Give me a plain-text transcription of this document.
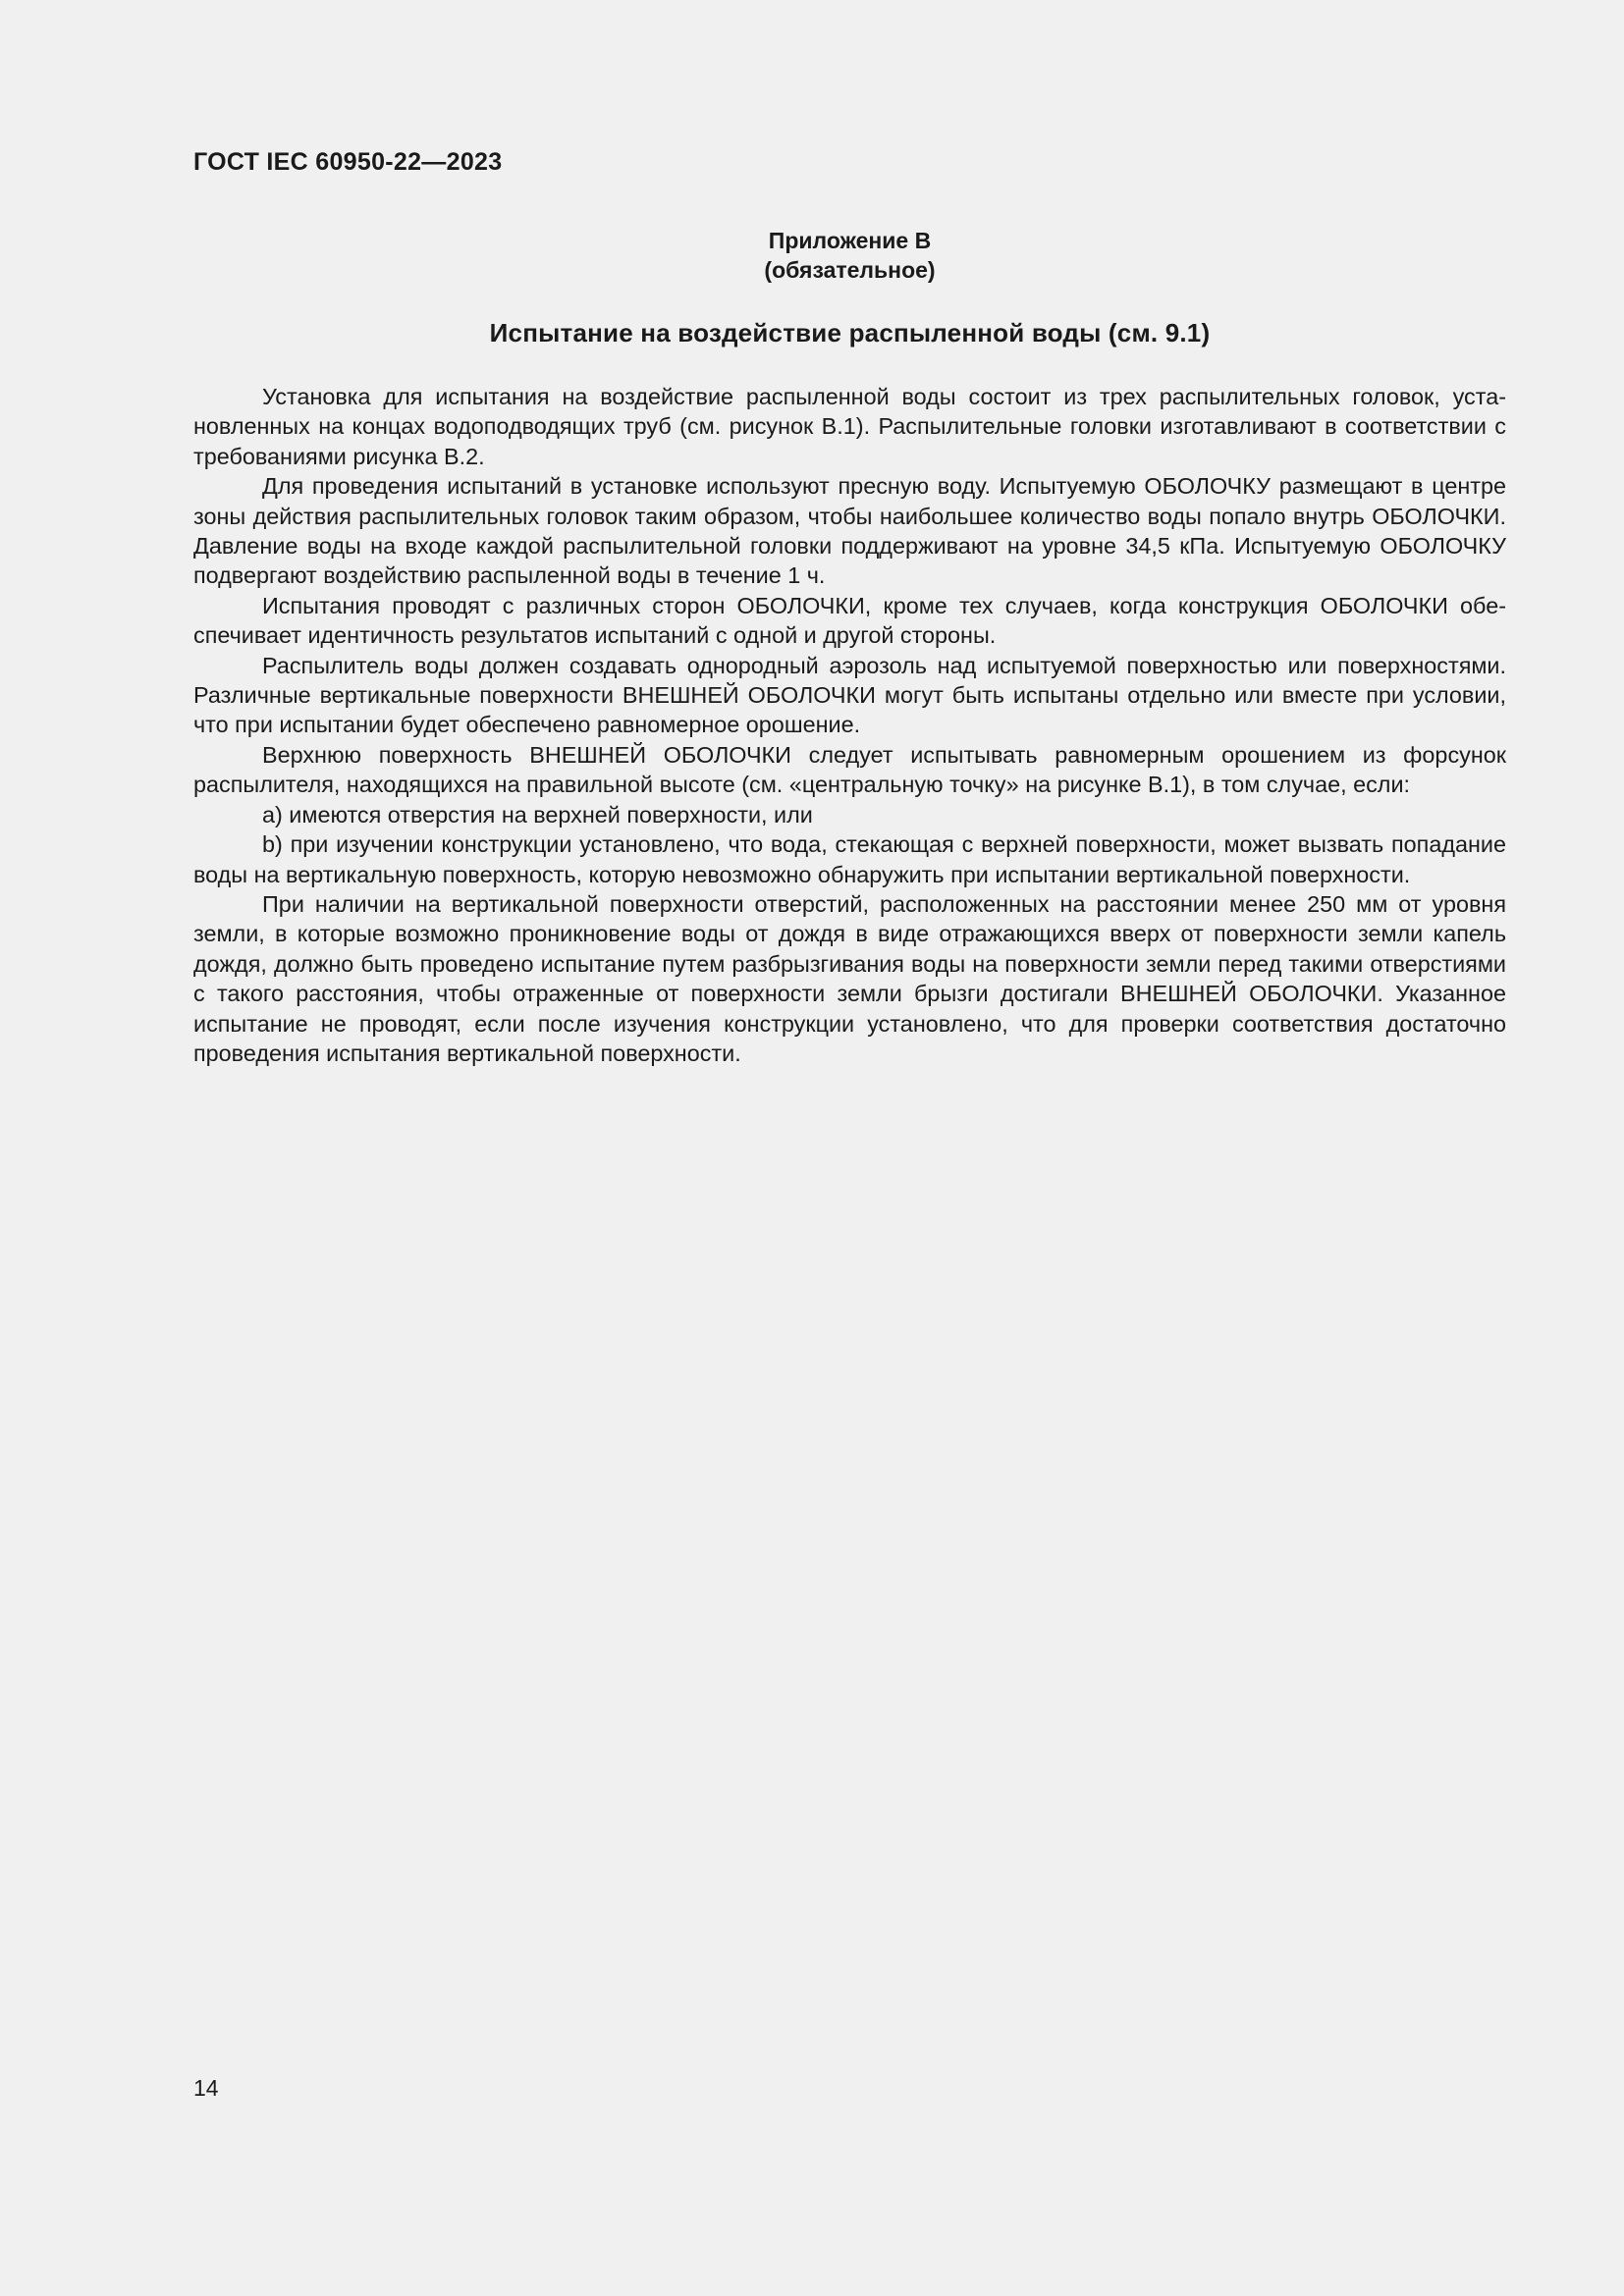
ГОСТ IEC 60950-22—2023

Приложение В

(обязательное)

Испытание на воздействие распыленной воды (см. 9.1)

Установка для испытания на воздействие распыленной воды состоит из трех распылительных головок, установленных на концах водоподводящих труб (см. рисунок В.1). Распылительные головки изготавливают в соответствии с требованиями рисунка В.2.

Для проведения испытаний в установке используют пресную воду. Испытуемую ОБОЛОЧКУ размещают в центре зоны действия распылительных головок таким образом, чтобы наибольшее количество воды попало внутрь ОБОЛОЧКИ. Давление воды на входе каждой распылительной головки поддерживают на уровне 34,5 кПа. Испытуемую ОБОЛОЧКУ подвергают воздействию распыленной воды в течение 1 ч.

Испытания проводят с различных сторон ОБОЛОЧКИ, кроме тех случаев, когда конструкция ОБОЛОЧКИ обеспечивает идентичность результатов испытаний с одной и другой стороны.

Распылитель воды должен создавать однородный аэрозоль над испытуемой поверхностью или поверхностями. Различные вертикальные поверхности ВНЕШНЕЙ ОБОЛОЧКИ могут быть испытаны отдельно или вместе при условии, что при испытании будет обеспечено равномерное орошение.

Верхнюю поверхность ВНЕШНЕЙ ОБОЛОЧКИ следует испытывать равномерным орошением из форсунок распылителя, находящихся на правильной высоте (см. «центральную точку» на рисунке В.1), в том случае, если:

a) имеются отверстия на верхней поверхности, или

b) при изучении конструкции установлено, что вода, стекающая с верхней поверхности, может вызвать попадание воды на вертикальную поверхность, которую невозможно обнаружить при испытании вертикальной поверхности.

При наличии на вертикальной поверхности отверстий, расположенных на расстоянии менее 250 мм от уровня земли, в которые возможно проникновение воды от дождя в виде отражающихся вверх от поверхности земли капель дождя, должно быть проведено испытание путем разбрызгивания воды на поверхности земли перед такими отверстиями с такого расстояния, чтобы отраженные от поверхности земли брызги достигали ВНЕШНЕЙ ОБОЛОЧКИ. Указанное испытание не проводят, если после изучения конструкции установлено, что для проверки соответствия достаточно проведения испытания вертикальной поверхности.

14
